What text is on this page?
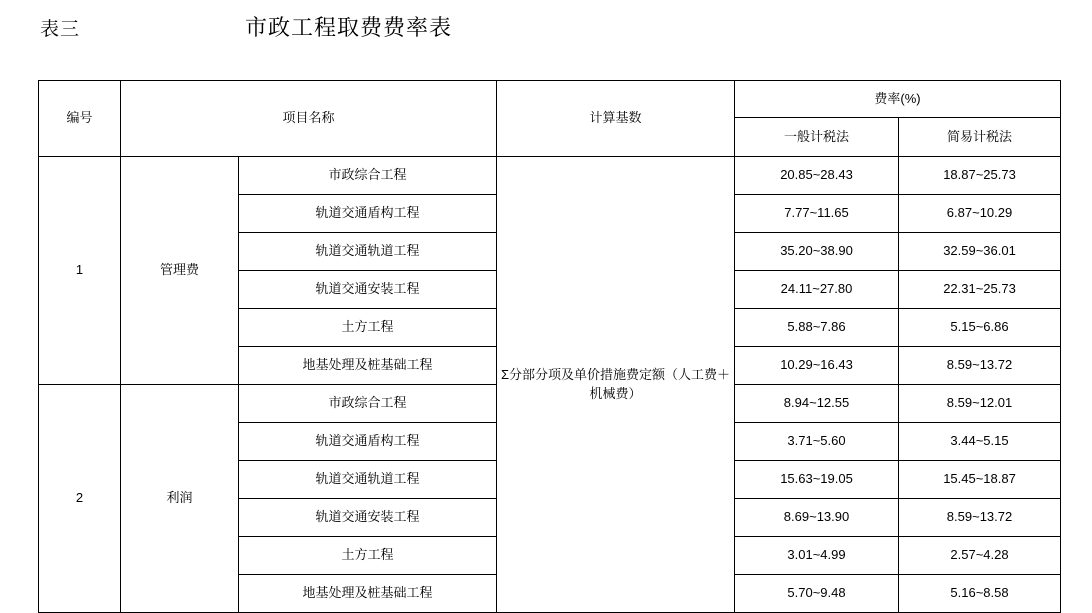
表三	市政工程取费费率表
编号	项目名称		计算基数	费率(%)	
				一般计税法	简易计税法
1	管理费	市政综合工程	Σ分部分项及单价措施费定额（人工费＋机械费）	20.85~28.43	18.87~25.73
		轨道交通盾构工程		7.77~11.65	6.87~10.29
		轨道交通轨道工程		35.20~38.90	32.59~36.01
		轨道交通安装工程		24.11~27.80	22.31~25.73
		土方工程		5.88~7.86	5.15~6.86
		地基处理及桩基础工程		10.29~16.43	8.59~13.72
2	利润	市政综合工程		8.94~12.55	8.59~12.01
		轨道交通盾构工程		3.71~5.60	3.44~5.15
		轨道交通轨道工程		15.63~19.05	15.45~18.87
		轨道交通安装工程		8.69~13.90	8.59~13.72
		土方工程		3.01~4.99	2.57~4.28
		地基处理及桩基础工程		5.70~9.48	5.16~8.58
